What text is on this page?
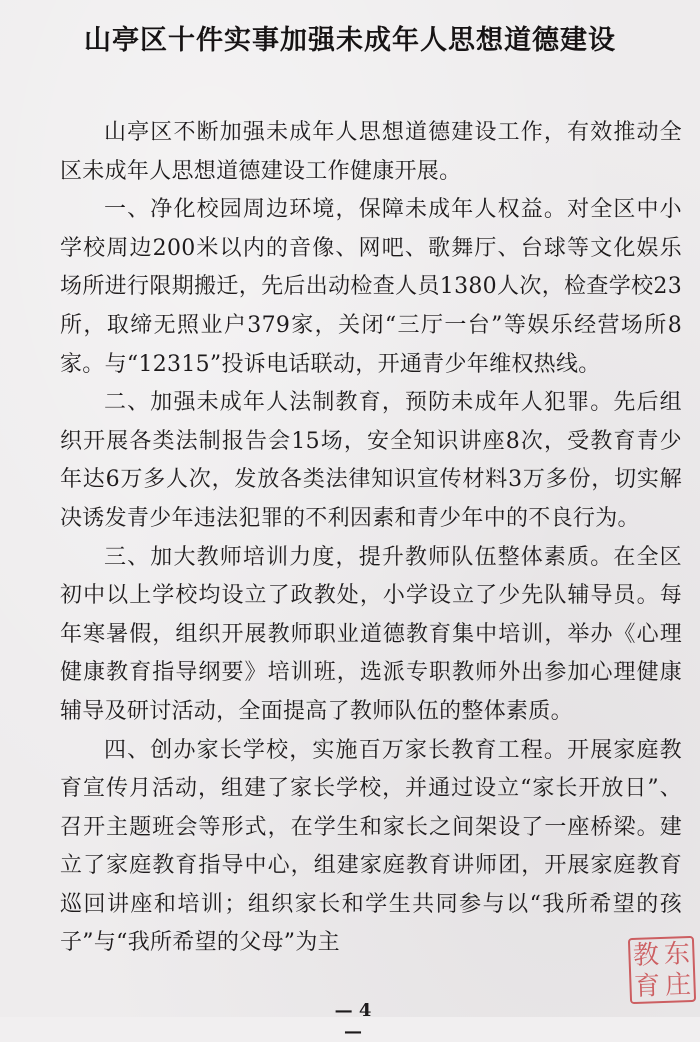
山亭区十件实事加强未成年人思想道德建设

山亭区不断加强未成年人思想道德建设工作，有效推动全区未成年人思想道德建设工作健康开展。

一、净化校园周边环境，保障未成年人权益。对全区中小学校周边200米以内的音像、网吧、歌舞厅、台球等文化娱乐场所进行限期搬迁，先后出动检查人员1380人次，检查学校23所，取缔无照业户379家，关闭“三厅一台”等娱乐经营场所8家。与“12315”投诉电话联动，开通青少年维权热线。

二、加强未成年人法制教育，预防未成年人犯罪。先后组织开展各类法制报告会15场，安全知识讲座8次，受教育青少年达6万多人次，发放各类法律知识宣传材料3万多份，切实解决诱发青少年违法犯罪的不利因素和青少年中的不良行为。

三、加大教师培训力度，提升教师队伍整体素质。在全区初中以上学校均设立了政教处，小学设立了少先队辅导员。每年寒暑假，组织开展教师职业道德教育集中培训，举办《心理健康教育指导纲要》培训班，选派专职教师外出参加心理健康辅导及研讨活动，全面提高了教师队伍的整体素质。

四、创办家长学校，实施百万家长教育工程。开展家庭教育宣传月活动，组建了家长学校，并通过设立“家长开放日”、召开主题班会等形式，在学生和家长之间架设了一座桥梁。建立了家庭教育指导中心，组建家庭教育讲师团，开展家庭教育巡回讲座和培训；组织家长和学生共同参与以“我所希望的孩子”与“我所希望的父母”为主

— 4 —
教 东
育 庄
